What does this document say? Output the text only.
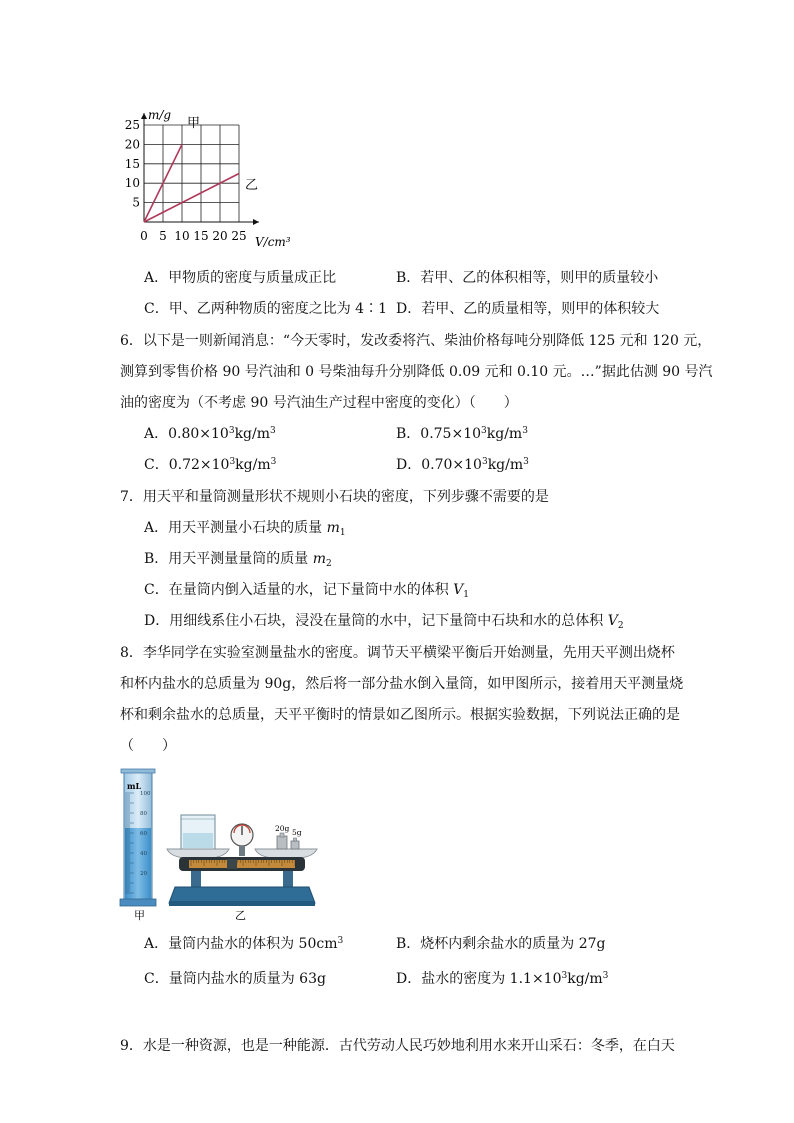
25
20
15
10
5
0 5 10 15 20 25
m/g
V/cm³
甲
乙
A．甲物质的密度与质量成正比	B．若甲、乙的体积相等，则甲的质量较小
C．甲、乙两种物质的密度之比为 4∶1 D．若甲、乙的质量相等，则甲的体积较大
6．以下是一则新闻消息：“今天零时，发改委将汽、柴油价格每吨分别降低 125 元和 120 元，
测算到零售价格 90 号汽油和 0 号柴油每升分别降低 0.09 元和 0.10 元。…”据此估测 90 号汽
油的密度为（不考虑 90 号汽油生产过程中密度的变化）（　　）
A．$0.80\times 10^3kg/m^3$	B．$0.75\times 10^3kg/m^3$
C．$0.72\times 10^3kg/m^3$	D．$0.70\times 10^3kg/m^3$
7．用天平和量筒测量形状不规则小石块的密度，下列步骤不需要的是
A．用天平测量小石块的质量 $m_1$
B．用天平测量量筒的质量 $m_2$
C．在量筒内倒入适量的水，记下量筒中水的体积 $V_1$
D．用细线系住小石块，浸没在量筒的水中，记下量筒中石块和水的总体积 $V_2$
8．李华同学在实验室测量盐水的密度。调节天平横梁平衡后开始测量，先用天平测出烧杯
和杯内盐水的总质量为 90g，然后将一部分盐水倒入量筒，如甲图所示，接着用天平测量烧
杯和剩余盐水的总质量，天平平衡时的情景如乙图所示。根据实验数据，下列说法正确的是
（　　）
100
80
60
40
20
mL
甲
20g 5g
乙
A．量筒内盐水的体积为 $50cm^3$	B．烧杯内剩余盐水的质量为 27g
C．量筒内盐水的质量为 63g	D．盐水的密度为 $1.1\times 10^3kg/m^3$
9．水是一种资源，也是一种能源．古代劳动人民巧妙地利用水来开山采石：冬季，在白天
